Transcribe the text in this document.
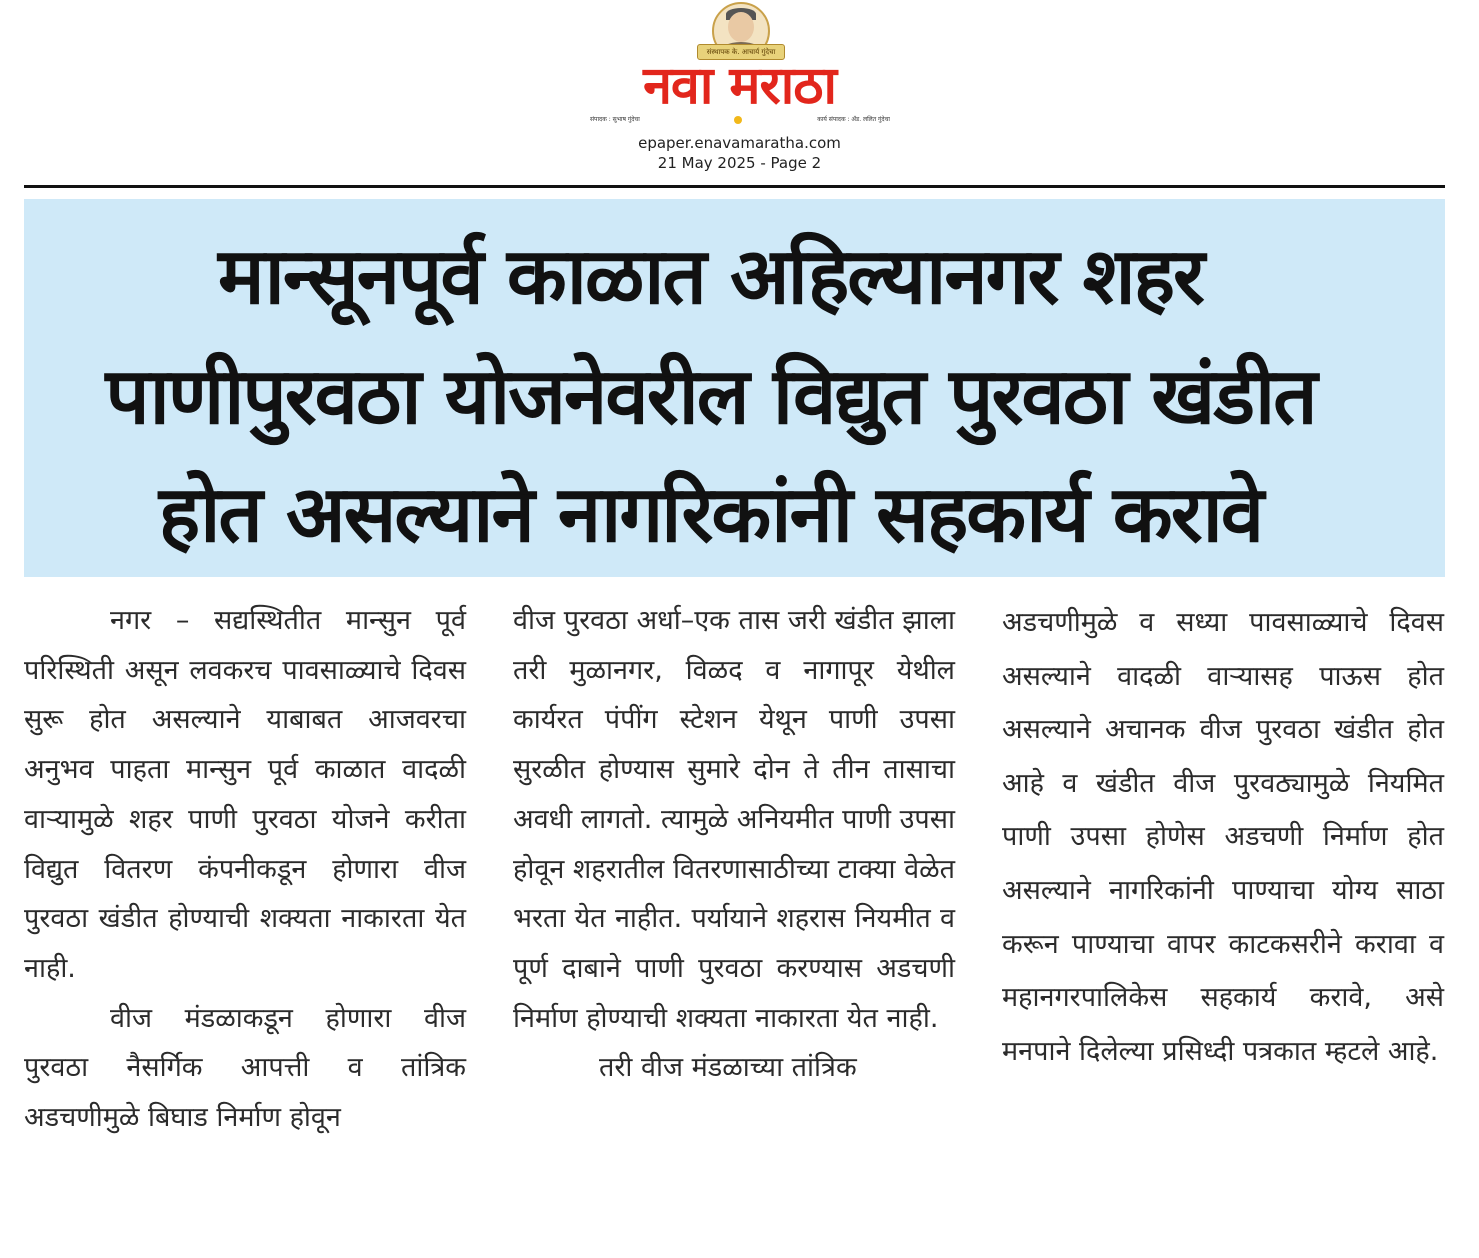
संस्थापक के. आचार्य गुंदेचा
नवा मराठा
संपादक : सुभाष गुंदेचा	कार्य संपादक : ॲड. ललित गुंदेचा
epaper.enavamaratha.com
21 May 2025 - Page 2
मान्सूनपूर्व काळात अहिल्यानगर शहर
पाणीपुरवठा योजनेवरील विद्युत पुरवठा खंडीत
होत असल्याने नागरिकांनी सहकार्य करावे

नगर – सद्यस्थितीत मान्सुन पूर्व परिस्थिती असून लवकरच पावसाळ्याचे दिवस सुरू होत असल्याने याबाबत आजवरचा अनुभव पाहता मान्सुन पूर्व काळात वादळी वाऱ्यामुळे शहर पाणी पुरवठा योजने करीता विद्युत वितरण कंपनीकडून होणारा वीज पुरवठा खंडीत होण्याची शक्यता नाकारता येत नाही.

वीज मंडळाकडून होणारा वीज पुरवठा नैसर्गिक आपत्ती व तांत्रिक अडचणीमुळे बिघाड निर्माण होवून

वीज पुरवठा अर्धा–एक तास जरी खंडीत झाला तरी मुळानगर, विळद व नागापूर येथील कार्यरत पंपींग स्टेशन येथून पाणी उपसा सुरळीत होण्यास सुमारे दोन ते तीन तासाचा अवधी लागतो. त्यामुळे अनियमीत पाणी उपसा होवून शहरातील वितरणासाठीच्या टाक्या वेळेत भरता येत नाहीत. पर्यायाने शहरास नियमीत व पूर्ण दाबाने पाणी पुरवठा करण्यास अडचणी निर्माण होण्याची शक्यता नाकारता येत नाही.

तरी वीज मंडळाच्या तांत्रिक

अडचणीमुळे व सध्या पावसाळ्याचे दिवस असल्याने वादळी वाऱ्यासह पाऊस होत असल्याने अचानक वीज पुरवठा खंडीत होत आहे व खंडीत वीज पुरवठ्यामुळे नियमित पाणी उपसा होणेस अडचणी निर्माण होत असल्याने नागरिकांनी पाण्याचा योग्य साठा करून पाण्याचा वापर काटकसरीने करावा व महानगरपालिकेस सहकार्य करावे, असे मनपाने दिलेल्या प्रसिध्दी पत्रकात म्हटले आहे.
